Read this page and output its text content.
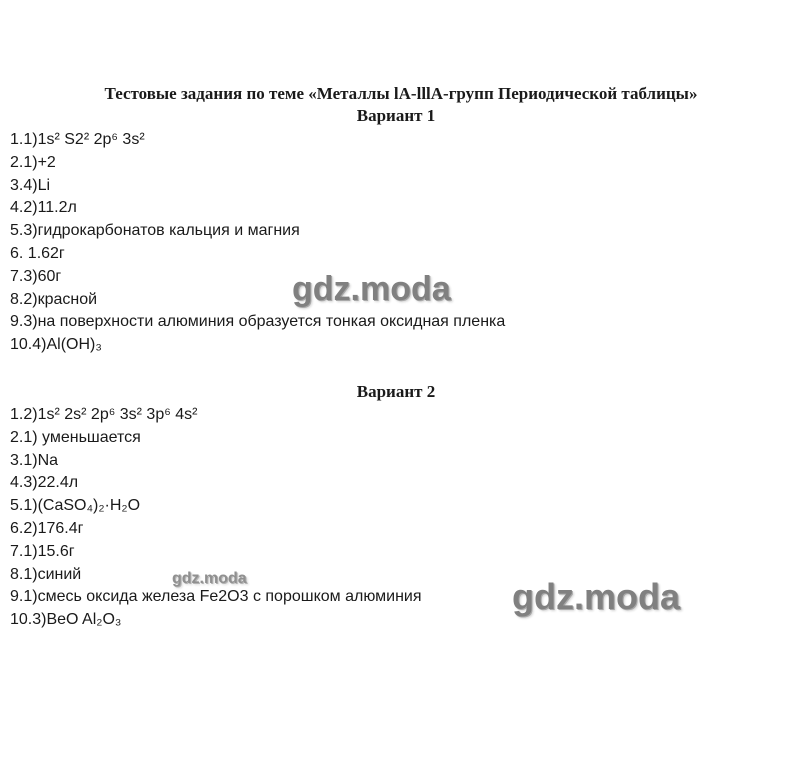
Тестовые задания по теме «Металлы lA-lllA-групп Периодической таблицы»
Вариант 1
1.1)1s² S2² 2p⁶ 3s²
2.1)+2
3.4)Li
4.2)11.2л
5.3)гидрокарбонатов кальция и магния
6. 1.62г
7.3)60г
8.2)красной
9.3)на поверхности алюминия образуется тонкая оксидная пленка
10.4)Al(OH)₃
Вариант 2
1.2)1s² 2s² 2p⁶ 3s² 3p⁶ 4s²
2.1) уменьшается
3.1)Na
4.3)22.4л
5.1)(CaSO₄)₂·H₂O
6.2)176.4г
7.1)15.6г
8.1)синий
9.1)смесь оксида железа Fe2O3 с порошком алюминия
10.3)BeO Al₂O₃
gdz.moda
gdz.moda	gdz.moda
